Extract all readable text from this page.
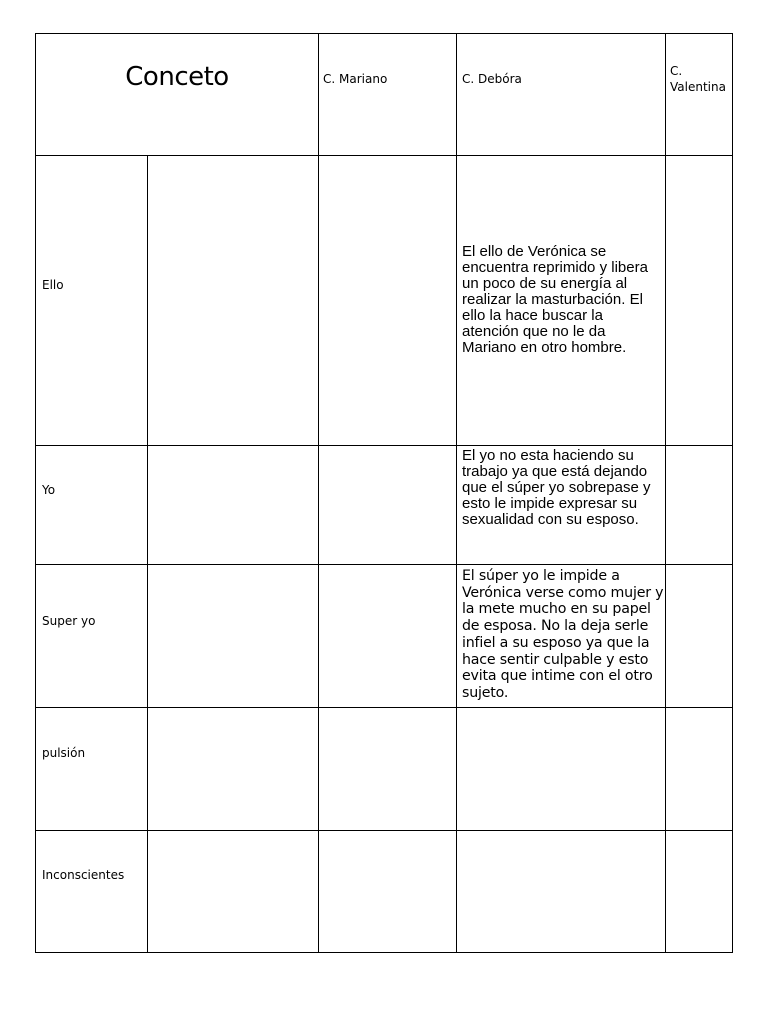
Conceto	C. Mariano	C. Debóra

C. Valentina

Ello

Yo

Super yo

pulsión

Inconscientes

El ello de Verónica se encuentra reprimido y libera un poco de su energía al realizar la masturbación. El ello la hace buscar la atención que no le da Mariano en otro hombre.

El yo no esta haciendo su trabajo ya que está dejando que el súper yo sobrepase y esto le impide expresar su sexualidad con su esposo.

El súper yo le impide a Verónica verse como mujer y la mete mucho en su papel de esposa. No la deja serle infiel a su esposo ya que la hace sentir culpable y esto evita que intime con el otro sujeto.
